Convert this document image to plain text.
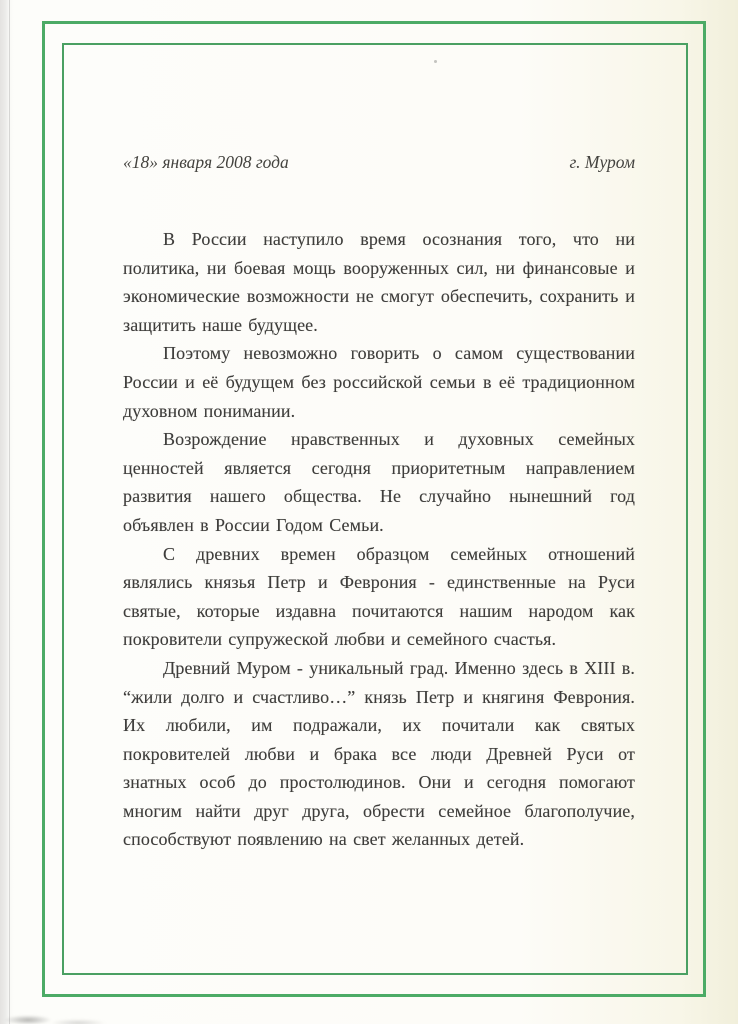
«18» января 2008 года	г. Муром

В России наступило время осознания того, что ни политика, ни боевая мощь вооруженных сил, ни финансовые и экономические возможности не смогут обеспечить, сохранить и защитить наше будущее.

Поэтому невозможно говорить о самом существовании России и её будущем без российской семьи в её традиционном духовном понимании.

Возрождение нравственных и духовных семейных ценностей является сегодня приоритетным направлением развития нашего общества. Не случайно нынешний год объявлен в России Годом Семьи.

С древних времен образцом семейных отношений являлись князья Петр и Феврония - единственные на Руси святые, которые издавна почитаются нашим народом как покровители супружеской любви и семейного счастья.

Древний Муром - уникальный град. Именно здесь в XIII в. “жили долго и счастливо…” князь Петр и княгиня Феврония. Их любили, им подражали, их почитали как святых покровителей любви и брака все люди Древней Руси от знатных особ до простолюдинов. Они и сегодня помогают многим найти друг друга, обрести семейное благополучие, способствуют появлению на свет желанных детей.
